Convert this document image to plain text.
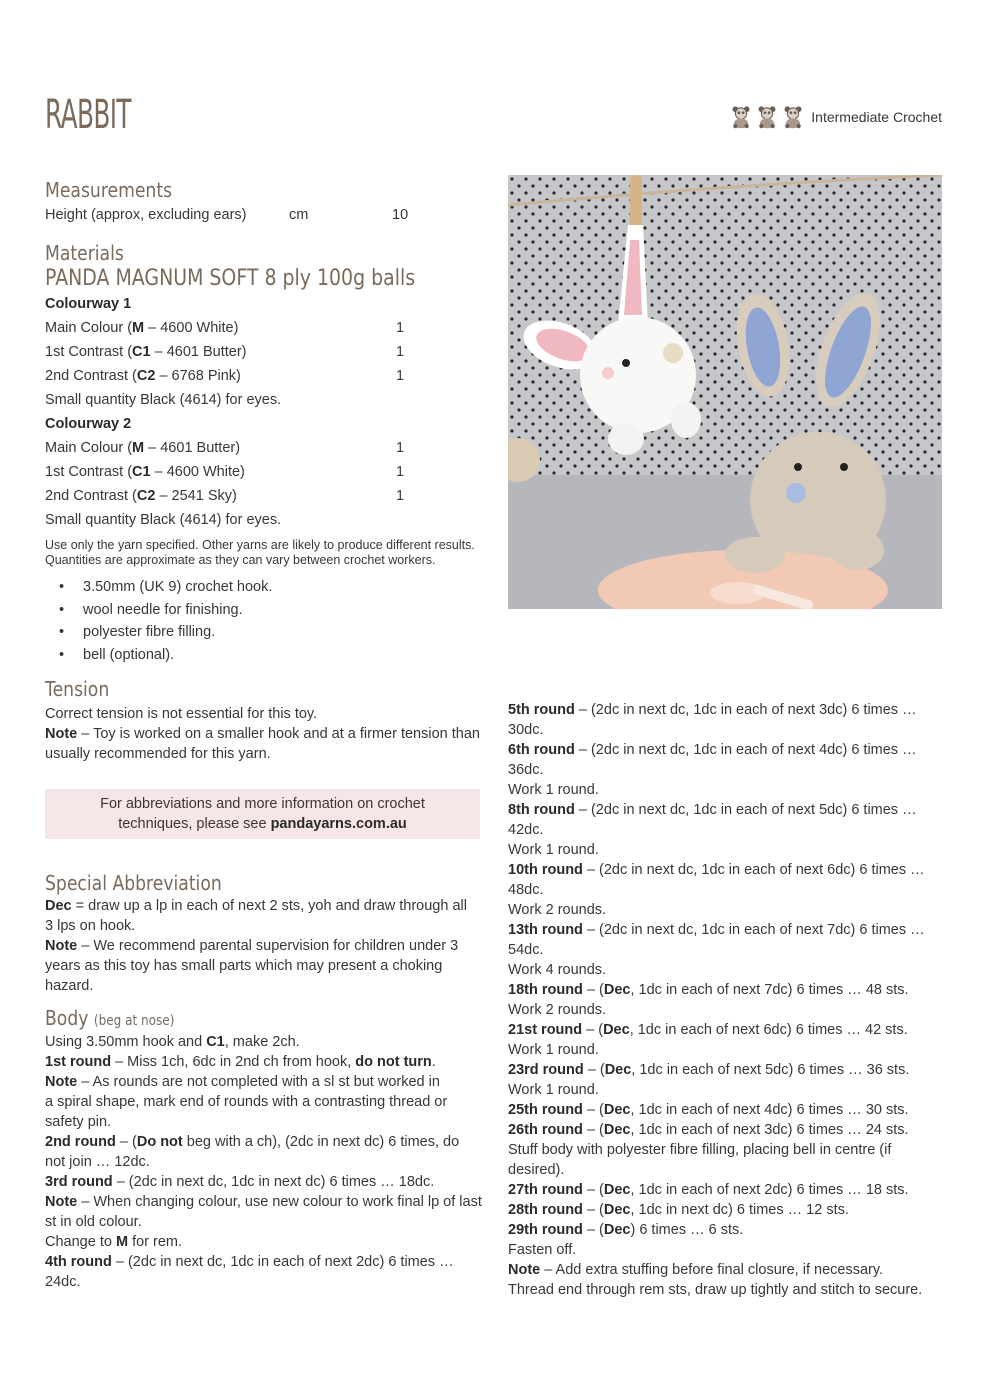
RABBIT	Intermediate Crochet
Measurements
Height (approx, excluding ears)	cm	10
Materials
PANDA MAGNUM SOFT 8 ply 100g balls
Colourway 1
Main Colour (M – 4600 White)	1
1st Contrast (C1 – 4601 Butter)	1
2nd Contrast (C2 – 6768 Pink)	1
Small quantity Black (4614) for eyes.
Colourway 2
Main Colour (M – 4601 Butter)	1
1st Contrast (C1 – 4600 White)	1
2nd Contrast (C2 – 2541 Sky)	1
Small quantity Black (4614) for eyes.
Use only the yarn specified. Other yarns are likely to produce different results.
Quantities are approximate as they can vary between crochet workers.
• 3.50mm (UK 9) crochet hook.
• wool needle for finishing.
• polyester fibre filling.
• bell (optional).
Tension
Correct tension is not essential for this toy.
Note – Toy is worked on a smaller hook and at a firmer tension than
usually recommended for this yarn.
For abbreviations and more information on crochet
techniques, please see pandayarns.com.au
Special Abbreviation
Dec = draw up a lp in each of next 2 sts, yoh and draw through all
3 lps on hook.
Note – We recommend parental supervision for children under 3
years as this toy has small parts which may present a choking
hazard.
Body (beg at nose)
Using 3.50mm hook and C1, make 2ch.
1st round – Miss 1ch, 6dc in 2nd ch from hook, do not turn.
Note – As rounds are not completed with a sl st but worked in
a spiral shape, mark end of rounds with a contrasting thread or
safety pin.
2nd round – (Do not beg with a ch), (2dc in next dc) 6 times, do
not join … 12dc.
3rd round – (2dc in next dc, 1dc in next dc) 6 times … 18dc.
Note – When changing colour, use new colour to work final lp of last
st in old colour.
Change to M for rem.
4th round – (2dc in next dc, 1dc in each of next 2dc) 6 times …
24dc.
5th round – (2dc in next dc, 1dc in each of next 3dc) 6 times …
30dc.
6th round – (2dc in next dc, 1dc in each of next 4dc) 6 times …
36dc.
Work 1 round.
8th round – (2dc in next dc, 1dc in each of next 5dc) 6 times …
42dc.
Work 1 round.
10th round – (2dc in next dc, 1dc in each of next 6dc) 6 times …
48dc.
Work 2 rounds.
13th round – (2dc in next dc, 1dc in each of next 7dc) 6 times …
54dc.
Work 4 rounds.
18th round – (Dec, 1dc in each of next 7dc) 6 times … 48 sts.
Work 2 rounds.
21st round – (Dec, 1dc in each of next 6dc) 6 times … 42 sts.
Work 1 round.
23rd round – (Dec, 1dc in each of next 5dc) 6 times … 36 sts.
Work 1 round.
25th round – (Dec, 1dc in each of next 4dc) 6 times … 30 sts.
26th round – (Dec, 1dc in each of next 3dc) 6 times … 24 sts.
Stuff body with polyester fibre filling, placing bell in centre (if
desired).
27th round – (Dec, 1dc in each of next 2dc) 6 times … 18 sts.
28th round – (Dec, 1dc in next dc) 6 times … 12 sts.
29th round – (Dec) 6 times … 6 sts.
Fasten off.
Note – Add extra stuffing before final closure, if necessary.
Thread end through rem sts, draw up tightly and stitch to secure.
